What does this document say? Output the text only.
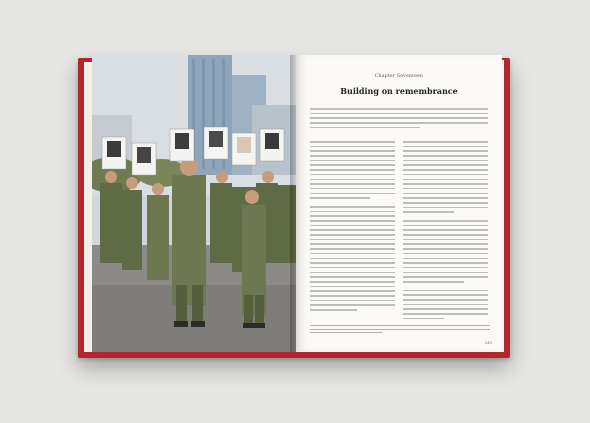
Chapter Seventeen
Building on remembrance
249
